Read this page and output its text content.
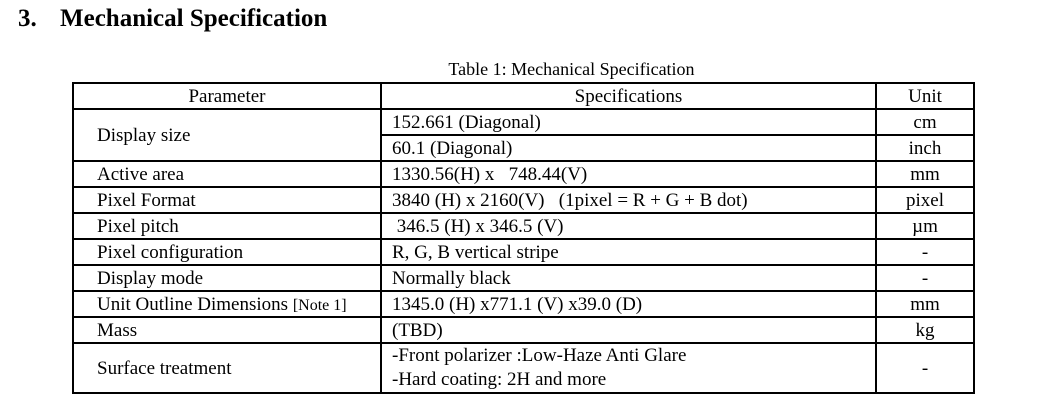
3. Mechanical Specification
Table 1: Mechanical Specification
Parameter	Specifications	Unit
Display size	152.661 (Diagonal)	cm
	60.1 (Diagonal)	inch
Active area	1330.56(H) x   748.44(V)	mm
Pixel Format	3840 (H) x 2160(V)   (1pixel = R + G + B dot)	pixel
Pixel pitch	346.5 (H) x 346.5 (V)	µm
Pixel configuration	R, G, B vertical stripe	-
Display mode	Normally black	-
Unit Outline Dimensions [Note 1]	1345.0 (H) x771.1 (V) x39.0 (D)	mm
Mass	(TBD)	kg
Surface treatment	-Front polarizer :Low-Haze Anti Glare
-Hard coating: 2H and more	-
